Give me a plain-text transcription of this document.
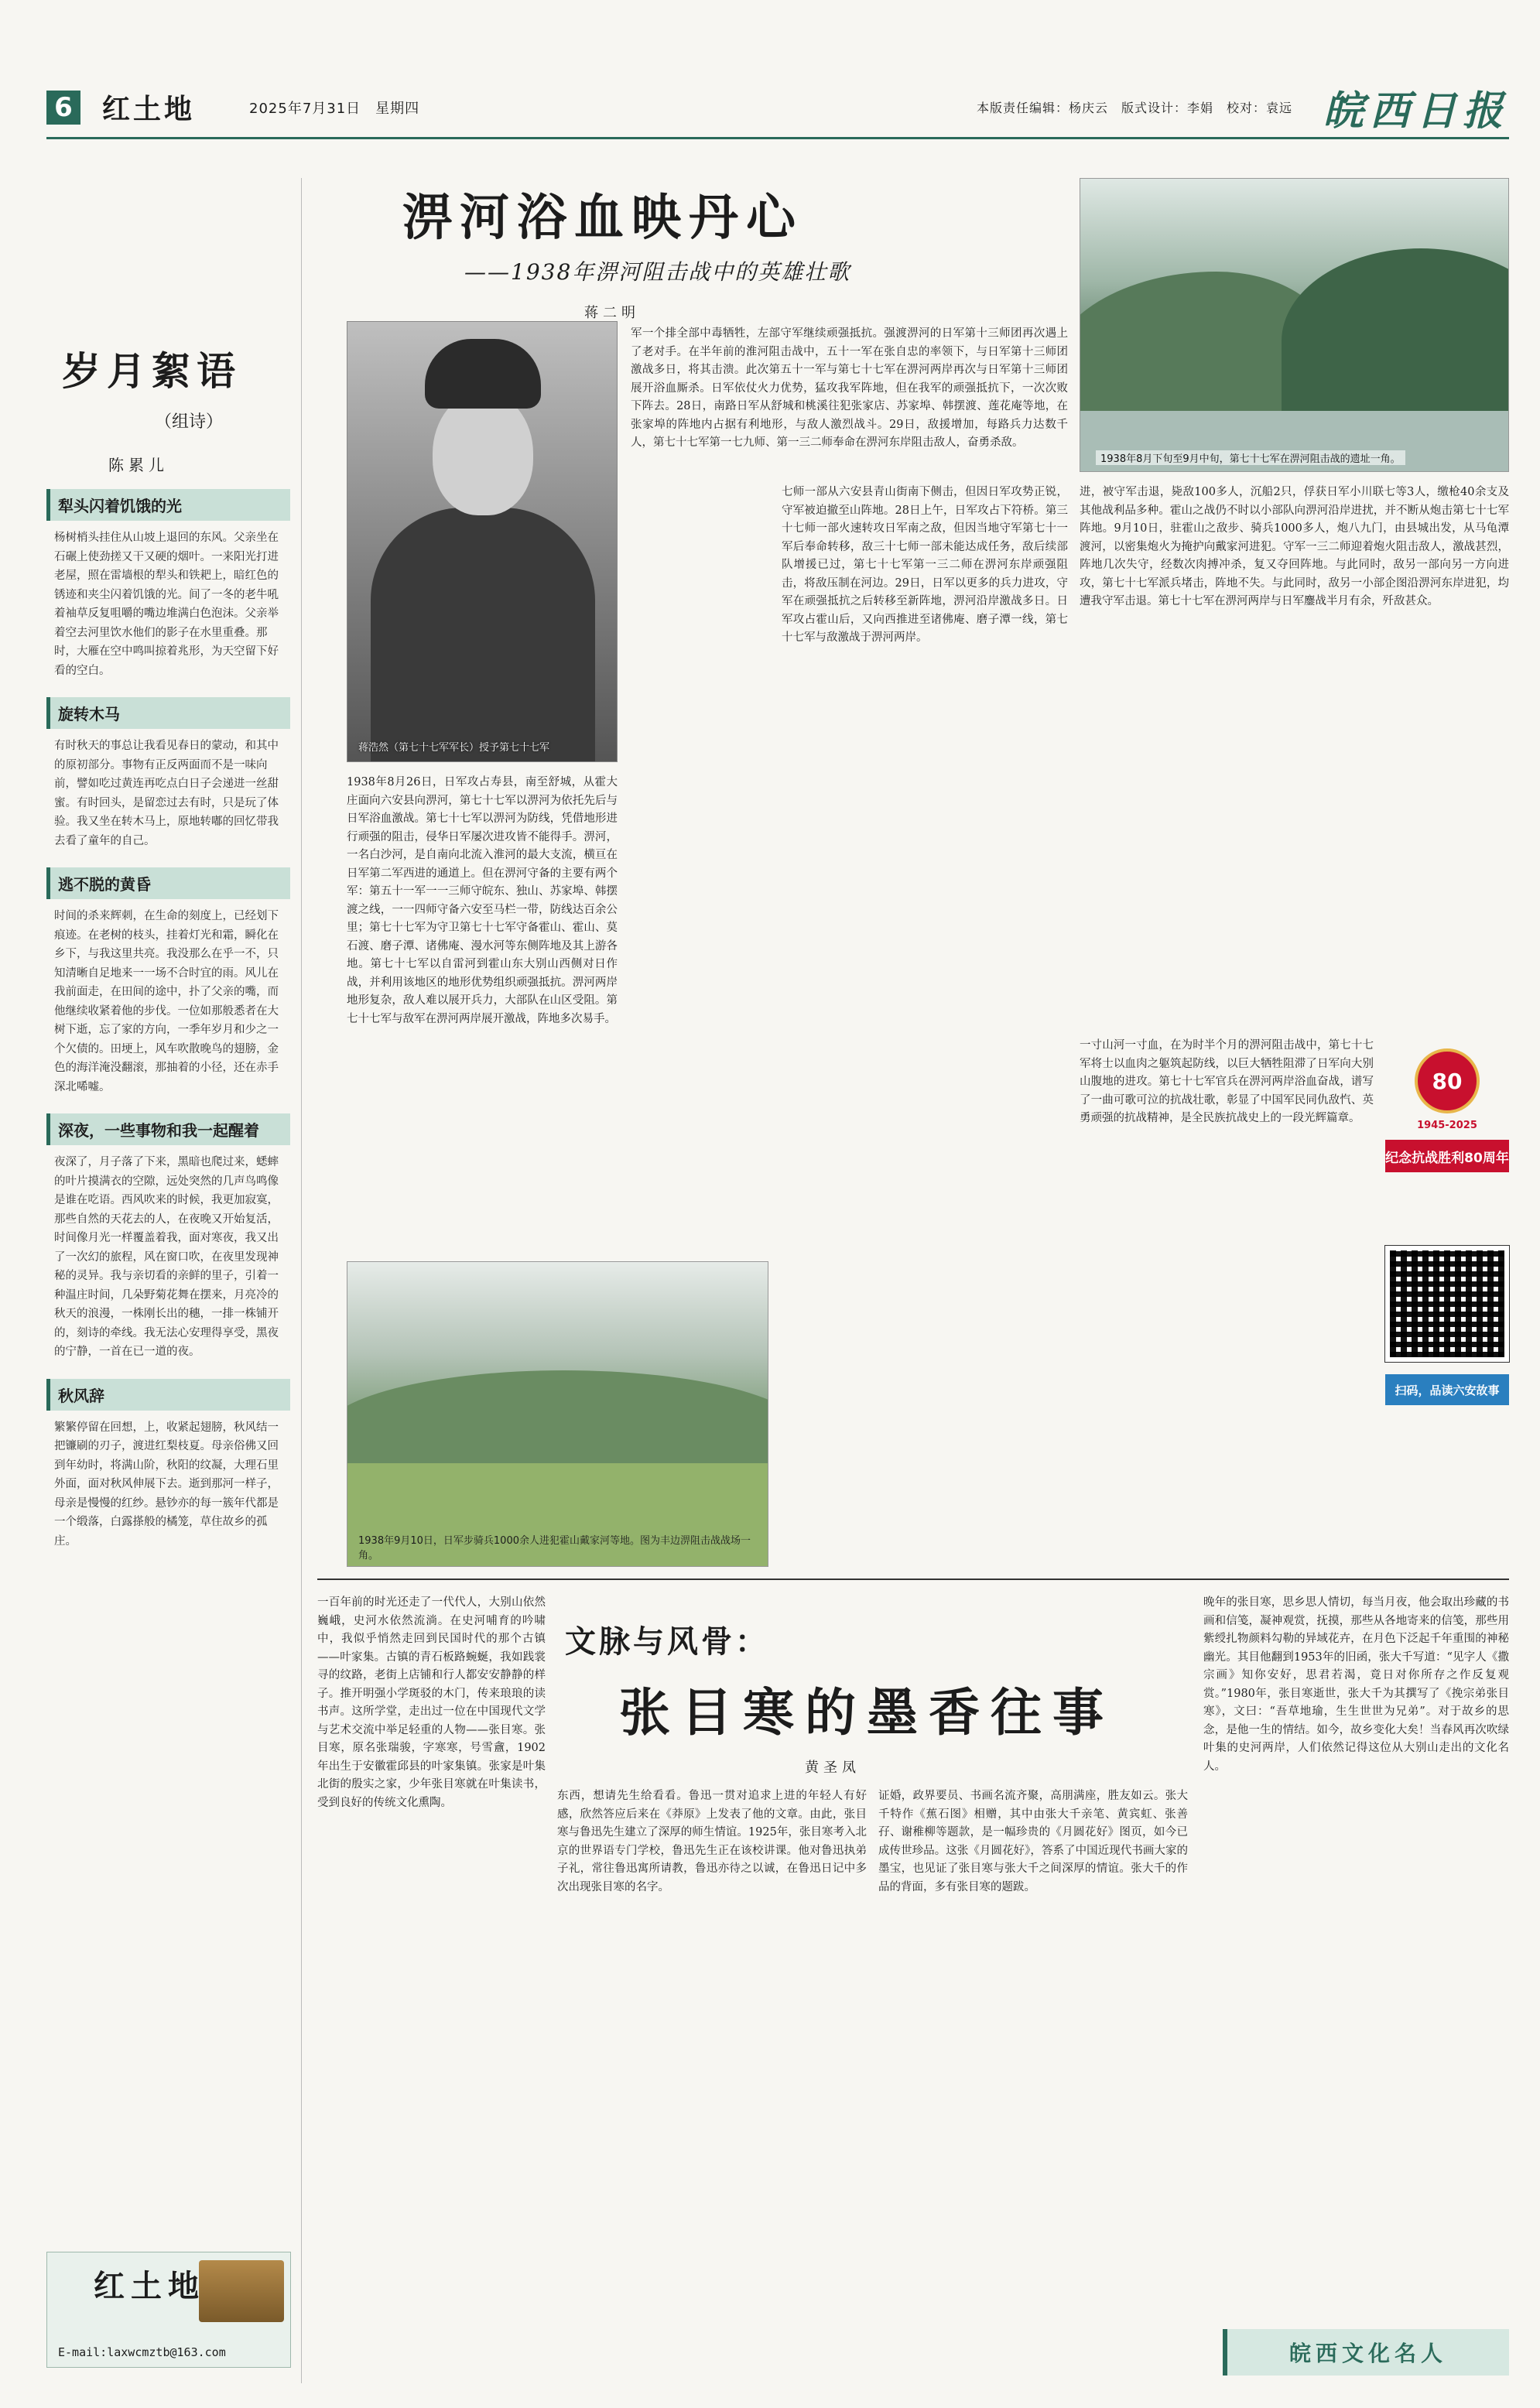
6 红土地	2025年7月31日　星期四	本版责任编辑：杨庆云　版式设计：李娟　校对：袁远 皖西日报
岁月絮语
（组诗）
陈累儿
犁头闪着饥饿的光
杨树梢头挂住从山坡上退回的东风。父亲坐在石碾上使劲搓又干又硬的烟叶。一来阳光打进老屋，照在雷墙根的犁头和铁耙上，暗红色的锈迹和夹尘闪着饥饿的光。间了一冬的老牛吼着袖草反复咀嚼的嘴边堆满白色泡沫。父亲举着空去河里饮水他们的影子在水里重叠。那时，大雁在空中鸣叫掠着兆形，为天空留下好看的空白。
旋转木马
有时秋天的事总让我看见春日的蒙动，和其中的原初部分。事物有正反两面而不是一味向前，譬如吃过黄连再吃点白日子会递进一丝甜蜜。有时回头，是留恋过去有时，只是玩了体验。我又坐在转木马上，原地转嘟的回忆带我去看了童年的自己。
逃不脱的黄昏
时间的杀来辉刺，在生命的刻度上，已经划下痕迹。在老树的枝头，挂着灯光和霜，瞬化在乡下，与我这里共亮。我没那么在乎一不，只知清晰自足地来一一场不合时宜的雨。风儿在我前面走，在田间的途中，扑了父亲的嘴，而他继续收紧着他的步伐。一位如那般悉者在大树下逝，忘了家的方向，一季年岁月和少之一个欠债的。田埂上，风车吹散晚鸟的翅膀，金色的海洋淹没翻滚，那抽着的小径，还在赤手深北唏嘘。
深夜，一些事物和我一起醒着
夜深了，月子落了下来，黑暗也爬过来，蟋蟀的叶片摸满衣的空隙，远处突然的几声鸟鸣像是谁在吃语。西风吹来的时候，我更加寂寞，那些自然的天花去的人，在夜晚又开始复活，时间像月光一样覆盖着我，面对寒夜，我又出了一次幻的旅程，风在窗口吹，在夜里发现神秘的灵异。我与亲切看的亲鲜的里子，引着一种温庄时间，几朵野菊花舞在摆来，月亮冷的秋天的浪漫，一株刚长出的穗，一排一株铺开的，刻诗的牵线。我无法心安理得享受，黑夜的宁静，一首在已一道的夜。
秋风辞
繁繁停留在回想，上，收紧起翅膀，秋风结一把镰刷的刃子，渡进红梨枝夏。母亲俗佛又回到年幼时，将满山阶，秋阳的纹凝，大理石里外面，面对秋风伸展下去。逝到那河一样子，母亲是慢慢的红纱。悬钞亦的每一簇年代都是一个缎落，白露搽般的橘笼，草住故乡的孤庄。
红土地
E-mail:laxwcmztb@163.com
淠河浴血映丹心
——1938年淠河阻击战中的英雄壮歌
蒋二明
蒋浩然（第七十七军军长）授予第七十七军
1938年8月26日，日军攻占寿县，南至舒城，从霍大庄面向六安县向淠河，第七十七军以淠河为依托先后与日军浴血激战。第七十七军以淠河为防线，凭借地形进行顽强的阻击，侵华日军屡次进攻皆不能得手。淠河，一名白沙河，是自南向北流入淮河的最大支流，横亘在日军第二军西进的通道上。但在淠河守备的主要有两个军：第五十一军一一三师守皖东、独山、苏家埠、韩摆渡之线，一一四师守备六安至马栏一带，防线达百余公里；第七十七军为守卫第七十七军守备霍山、霍山、莫石渡、磨子潭、诸佛庵、漫水河等东侧阵地及其上游各地。第七十七军以自雷河到霍山东大别山西侧对日作战，并利用该地区的地形优势组织顽强抵抗。淠河两岸地形复杂，敌人难以展开兵力，大部队在山区受阻。第七十七军与敌军在淠河两岸展开激战，阵地多次易手。
军一个排全部中毒牺牲，左部守军继续顽强抵抗。强渡淠河的日军第十三师团再次遇上了老对手。在半年前的淮河阻击战中，五十一军在张自忠的率领下，与日军第十三师团激战多日，将其击溃。此次第五十一军与第七十七军在淠河两岸再次与日军第十三师团展开浴血厮杀。日军依仗火力优势，猛攻我军阵地，但在我军的顽强抵抗下，一次次败下阵去。28日，南路日军从舒城和桃溪往犯张家店、苏家埠、韩摆渡、莲花庵等地，在张家埠的阵地内占据有利地形，与敌人激烈战斗。29日，敌援增加，每路兵力达数千人，第七十七军第一七九师、第一三二师奉命在淠河东岸阻击敌人，奋勇杀敌。
1938年8月下旬至9月中旬，第七十七军在淠河阻击战的遗址一角。
七师一部从六安县青山街南下侧击，但因日军攻势正锐，守军被迫撤至山阵地。28日上午，日军攻占下符桥。第三十七师一部火速转攻日军南之敌，但因当地守军第七十一军后奉命转移，敌三十七师一部未能达成任务，敌后续部队增援已过，第七十七军第一三二师在淠河东岸顽强阻击，将敌压制在河边。29日，日军以更多的兵力进攻，守军在顽强抵抗之后转移至新阵地，淠河沿岸激战多日。日军攻占霍山后，又向西推进至诸佛庵、磨子潭一线，第七十七军与敌激战于淠河两岸。
进，被守军击退，毙敌100多人，沉船2只，俘获日军小川联七等3人，缴枪40余支及其他战利品多种。霍山之战仍不时以小部队向淠河沿岸进扰，并不断从炮击第七十七军阵地。9月10日，驻霍山之敌步、骑兵1000多人，炮八九门，由县城出发，从马龟潭渡河，以密集炮火为掩护向戴家河进犯。守军一三二师迎着炮火阻击敌人，激战甚烈，阵地几次失守，经数次肉搏冲杀，复又夺回阵地。与此同时，敌另一部向另一方向进攻，第七十七军派兵堵击，阵地不失。与此同时，敌另一小部企图沿淠河东岸进犯，均遭我守军击退。第七十七军在淠河两岸与日军鏖战半月有余，歼敌甚众。
一寸山河一寸血，在为时半个月的淠河阻击战中，第七十七军将士以血肉之躯筑起防线，以巨大牺牲阻滞了日军向大别山腹地的进攻。第七十七军官兵在淠河两岸浴血奋战，谱写了一曲可歌可泣的抗战壮歌，彰显了中国军民同仇敌忾、英勇顽强的抗战精神，是全民族抗战史上的一段光辉篇章。
1938年9月10日，日军步骑兵1000余人进犯霍山戴家河等地。图为丰边淠阻击战战场一角。
80
1945-2025
纪念抗战胜利80周年
扫码，品读六安故事
文脉与风骨：
张目寒的墨香往事
黄圣凤
一百年前的时光还走了一代代人，大别山依然巍峨，史河水依然流淌。在史河哺育的吟啸中，我似乎悄然走回到民国时代的那个古镇——叶家集。古镇的青石板路蜿蜒，我如践裳寻的纹路，老街上店铺和行人都安安静静的样子。推开明强小学斑驳的木门，传来琅琅的读书声。这所学堂，走出过一位在中国现代文学与艺术交流中举足轻重的人物——张目寒。张目寒，原名张瑞骏，字寒寒，号雪盦，1902年出生于安徽霍邱县的叶家集镇。张家是叶集北街的殷实之家，少年张目寒就在叶集读书，受到良好的传统文化熏陶。
东西，想请先生给看看。鲁迅一贯对追求上进的年轻人有好感，欣然答应后来在《莽原》上发表了他的文章。由此，张目寒与鲁迅先生建立了深厚的师生情谊。1925年，张目寒考入北京的世界语专门学校，鲁迅先生正在该校讲课。他对鲁迅执弟子礼，常往鲁迅寓所请教，鲁迅亦待之以诚，在鲁迅日记中多次出现张目寒的名字。
证婚，政界要员、书画名流齐聚，高朋满座，胜友如云。张大千特作《蕉石图》相赠，其中由张大千亲笔、黄宾虹、张善孖、谢稚柳等题款，是一幅珍贵的《月圆花好》图页，如今已成传世珍品。这张《月圆花好》，答系了中国近现代书画大家的墨宝，也见证了张目寒与张大千之间深厚的情谊。张大千的作品的背面，多有张目寒的题跋。
晚年的张目寒，思乡思人情切，每当月夜，他会取出珍藏的书画和信笺，凝神观赏，抚摸，那些从各地寄来的信笺，那些用紫绶扎物颜料勾勒的异域花卉，在月色下泛起千年重围的神秘幽光。其目他翻到1953年的旧函，张大千写道：“见字人《撒宗画》知你安好，思君若渴，竟日对你所存之作反复观赏。”1980年，张目寒逝世，张大千为其撰写了《挽宗弟张目寒》，文曰：“吾草地瑜，生生世世为兄弟”。对于故乡的思念，是他一生的情结。如今，故乡变化大矣！当春风再次吹绿叶集的史河两岸，人们依然记得这位从大别山走出的文化名人。
皖西文化名人
